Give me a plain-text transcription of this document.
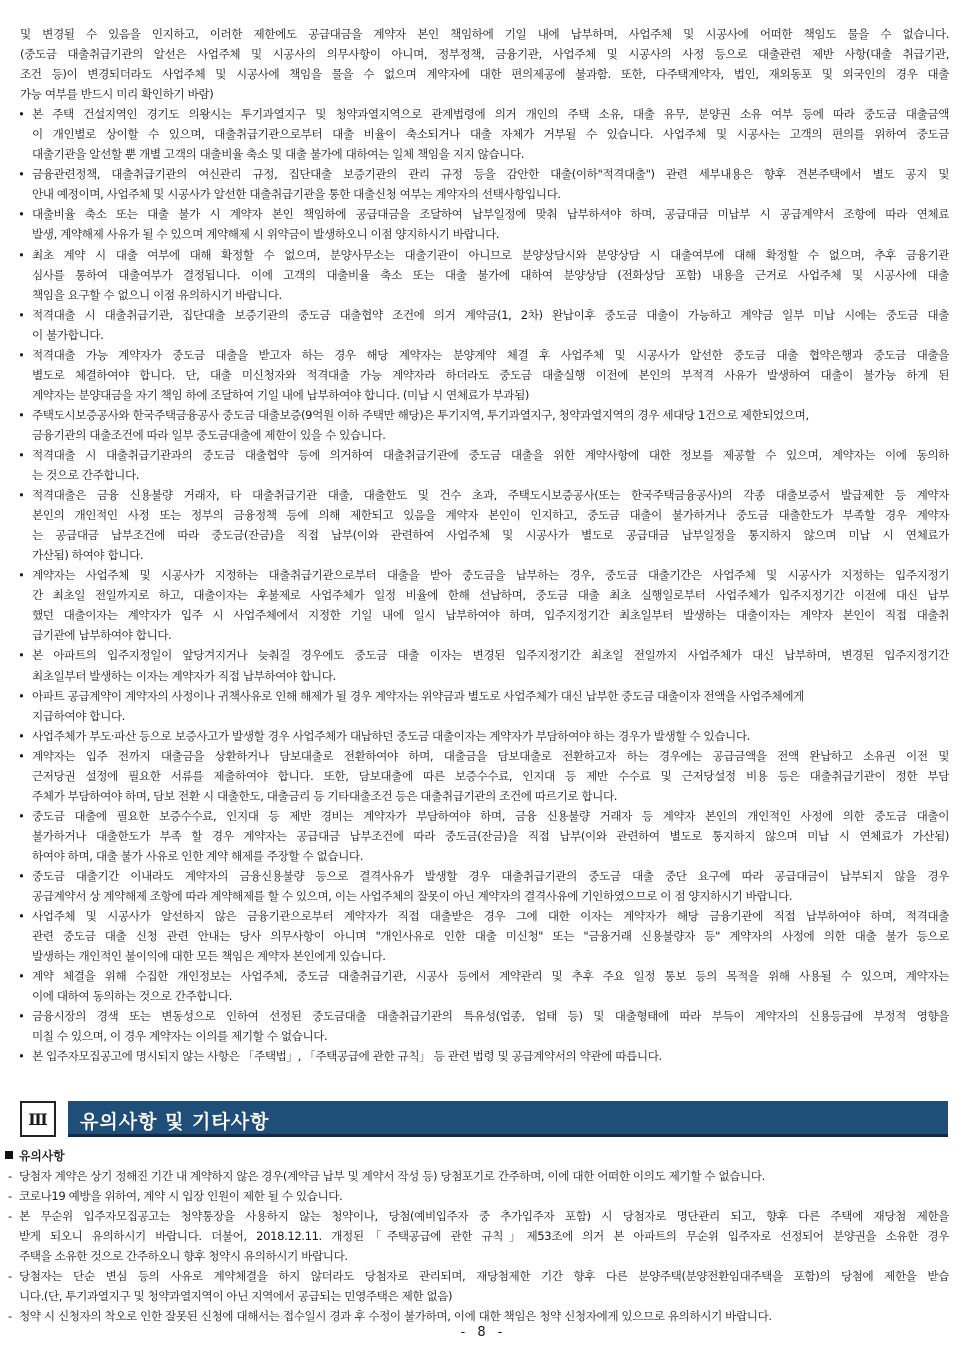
및 변경될 수 있음을 인지하고, 이러한 제한에도 공급대금을 계약자 본인 책임하에 기일 내에 납부하며, 사업주체 및 시공사에 어떠한 책임도 물을 수 없습니다.
(중도금 대출취급기관의 알선은 사업주체 및 시공사의 의무사항이 아니며, 정부정책, 금융기관, 사업주체 및 시공사의 사정 등으로 대출관련 제반 사항(대출 취급기관,
조건 등)이 변경되더라도 사업주체 및 시공사에 책임을 물을 수 없으며 계약자에 대한 편의제공에 불과함. 또한, 다주택계약자, 법인, 재외동포 및 외국인의 경우 대출
가능 여부를 반드시 미리 확인하기 바람)
• 본 주택 건설지역인 경기도 의왕시는 투기과열지구 및 청약과열지역으로 관계법령에 의거 개인의 주택 소유, 대출 유무, 분양권 소유 여부 등에 따라 중도금 대출금액
이 개인별로 상이할 수 있으며, 대출취급기관으로부터 대출 비율이 축소되거나 대출 자체가 거부될 수 있습니다. 사업주체 및 시공사는 고객의 편의를 위하여 중도금
대출기관을 알선할 뿐 개별 고객의 대출비율 축소 및 대출 불가에 대하여는 일체 책임을 지지 않습니다.
• 금융관련정책, 대출취급기관의 여신관리 규정, 집단대출 보증기관의 관리 규정 등을 감안한 대출(이하"적격대출") 관련 세부내용은 향후 견본주택에서 별도 공지 및
안내 예정이며, 사업주체 및 시공사가 알선한 대출취급기관을 통한 대출신청 여부는 계약자의 선택사항입니다.
• 대출비율 축소 또는 대출 불가 시 계약자 본인 책임하에 공급대금을 조달하여 납부일정에 맞춰 납부하셔야 하며, 공급대금 미납부 시 공급계약서 조항에 따라 연체료
발생, 계약해제 사유가 될 수 있으며 계약해제 시 위약금이 발생하오니 이점 양지하시기 바랍니다.
• 최초 계약 시 대출 여부에 대해 확정할 수 없으며, 분양사무소는 대출기관이 아니므로 분양상담시와 분양상담 시 대출여부에 대해 확정할 수 없으며, 추후 금융기관
심사를 통하여 대출여부가 결정됩니다. 이에 고객의 대출비율 축소 또는 대출 불가에 대하여 분양상담 (전화상담 포함) 내용을 근거로 사업주체 및 시공사에 대출
책임을 요구할 수 없으니 이점 유의하시기 바랍니다.
• 적격대출 시 대출취급기관, 집단대출 보증기관의 중도금 대출협약 조건에 의거 계약금(1, 2차) 완납이후 중도금 대출이 가능하고 계약금 일부 미납 시에는 중도금 대출
이 불가합니다.
• 적격대출 가능 계약자가 중도금 대출을 받고자 하는 경우 해당 계약자는 분양계약 체결 후 사업주체 및 시공사가 알선한 중도금 대출 협약은행과 중도금 대출을
별도로 체결하여야 합니다. 단, 대출 미신청자와 적격대출 가능 계약자라 하더라도 중도금 대출실행 이전에 본인의 부적격 사유가 발생하여 대출이 불가능 하게 된
계약자는 분양대금을 자기 책임 하에 조달하여 기일 내에 납부하여야 합니다. (미납 시 연체료가 부과됨)
• 주택도시보증공사와 한국주택금융공사 중도금 대출보증(9억원 이하 주택만 해당)은 투기지역, 투기과열지구, 청약과열지역의 경우 세대당 1건으로 제한되었으며,
금융기관의 대출조건에 따라 일부 중도금대출에 제한이 있을 수 있습니다.
• 적격대출 시 대출취급기관과의 중도금 대출협약 등에 의거하여 대출취급기관에 중도금 대출을 위한 계약사항에 대한 정보를 제공할 수 있으며, 계약자는 이에 동의하
는 것으로 간주합니다.
• 적격대출은 금융 신용불량 거래자, 타 대출취급기관 대출, 대출한도 및 건수 초과, 주택도시보증공사(또는 한국주택금융공사)의 각종 대출보증서 발급제한 등 계약자
본인의 개인적인 사정 또는 정부의 금융정책 등에 의해 제한되고 있음을 계약자 본인이 인지하고, 중도금 대출이 불가하거나 중도금 대출한도가 부족할 경우 계약자
는 공급대금 납부조건에 따라 중도금(잔금)을 직접 납부(이와 관련하여 사업주체 및 시공사가 별도로 공급대금 납부일정을 통지하지 않으며 미납 시 연체료가
가산됨) 하여야 합니다.
• 계약자는 사업주체 및 시공사가 지정하는 대출취급기관으로부터 대출을 받아 중도금을 납부하는 경우, 중도금 대출기간은 사업주체 및 시공사가 지정하는 입주지정기
간 최초일 전일까지로 하고, 대출이자는 후불제로 사업주체가 일정 비율에 한해 선납하며, 중도금 대출 최초 실행일로부터 사업주체가 입주지정기간 이전에 대신 납부
했던 대출이자는 계약자가 입주 시 사업주체에서 지정한 기일 내에 일시 납부하여야 하며, 입주지정기간 최초일부터 발생하는 대출이자는 계약자 본인이 직접 대출취
급기관에 납부하여야 합니다.
• 본 아파트의 입주지정일이 앞당겨지거나 늦춰질 경우에도 중도금 대출 이자는 변경된 입주지정기간 최초일 전일까지 사업주체가 대신 납부하며, 변경된 입주지정기간
최초일부터 발생하는 이자는 계약자가 직접 납부하여야 합니다.
• 아파트 공급계약이 계약자의 사정이나 귀책사유로 인해 해제가 될 경우 계약자는 위약금과 별도로 사업주체가 대신 납부한 중도금 대출이자 전액을 사업주체에게
지급하여야 합니다.
• 사업주체가 부도·파산 등으로 보증사고가 발생할 경우 사업주체가 대납하던 중도금 대출이자는 계약자가 부담하여야 하는 경우가 발생할 수 있습니다.
• 계약자는 입주 전까지 대출금을 상환하거나 담보대출로 전환하여야 하며, 대출금을 담보대출로 전환하고자 하는 경우에는 공급금액을 전액 완납하고 소유권 이전 및
근저당권 설정에 필요한 서류를 제출하여야 합니다. 또한, 담보대출에 따른 보증수수료, 인지대 등 제반 수수료 및 근저당설정 비용 등은 대출취급기관이 정한 부담
주체가 부담하여야 하며, 담보 전환 시 대출한도, 대출금리 등 기타대출조건 등은 대출취급기관의 조건에 따르기로 합니다.
• 중도금 대출에 필요한 보증수수료, 인지대 등 제반 경비는 계약자가 부담하여야 하며, 금융 신용불량 거래자 등 계약자 본인의 개인적인 사정에 의한 중도금 대출이
불가하거나 대출한도가 부족 할 경우 계약자는 공급대금 납부조건에 따라 중도금(잔금)을 직접 납부(이와 관련하여 별도로 통지하지 않으며 미납 시 연체료가 가산됨)
하여야 하며, 대출 불가 사유로 인한 계약 해제를 주장할 수 없습니다.
• 중도금 대출기간 이내라도 계약자의 금융신용불량 등으로 결격사유가 발생할 경우 대출취급기관의 중도금 대출 중단 요구에 따라 공급대금이 납부되지 않을 경우
공급계약서 상 계약해제 조항에 따라 계약해제를 할 수 있으며, 이는 사업주체의 잘못이 아닌 계약자의 결격사유에 기인하였으므로 이 점 양지하시기 바랍니다.
• 사업주체 및 시공사가 알선하지 않은 금융기관으로부터 계약자가 직접 대출받은 경우 그에 대한 이자는 계약자가 해당 금융기관에 직접 납부하여야 하며, 적격대출
관련 중도금 대출 신청 관련 안내는 당사 의무사항이 아니며 "개인사유로 인한 대출 미신청" 또는 "금융거래 신용불량자 등" 계약자의 사정에 의한 대출 불가 등으로
발생하는 개인적인 불이익에 대한 모든 책임은 계약자 본인에게 있습니다.
• 계약 체결을 위해 수집한 개인정보는 사업주체, 중도금 대출취급기관, 시공사 등에서 계약관리 및 추후 주요 일정 통보 등의 목적을 위해 사용될 수 있으며, 계약자는
이에 대하여 동의하는 것으로 간주합니다.
• 금융시장의 경색 또는 변동성으로 인하여 선정된 중도금대출 대출취급기관의 특유성(업종, 업태 등) 및 대출형태에 따라 부득이 계약자의 신용등급에 부정적 영향을
미칠 수 있으며, 이 경우 계약자는 이의를 제기할 수 없습니다.
• 본 입주자모집공고에 명시되지 않는 사항은 「주택법」, 「주택공급에 관한 규칙」 등 관련 법령 및 공급계약서의 약관에 따릅니다.
Ⅲ	유의사항 및 기타사항
유의사항
- 당첨자 계약은 상기 정해진 기간 내 계약하지 않은 경우(계약금 납부 및 계약서 작성 등) 당첨포기로 간주하며, 이에 대한 어떠한 이의도 제기할 수 없습니다.
- 코로나19 예방을 위하여, 계약 시 입장 인원이 제한 될 수 있습니다.
- 본 무순위 입주자모집공고는 청약통장을 사용하지 않는 청약이나, 당첨(예비입주자 중 추가입주자 포함) 시 당첨자로 명단관리 되고, 향후 다른 주택에 재당첨 제한을
받게 되오니 유의하시기 바랍니다. 더불어, 2018.12.11. 개정된「주택공급에 관한 규칙」제53조에 의거 본 아파트의 무순위 입주자로 선정되어 분양권을 소유한 경우
주택을 소유한 것으로 간주하오니 향후 청약시 유의하시기 바랍니다.
- 당첨자는 단순 변심 등의 사유로 계약체결을 하지 않더라도 당첨자로 관리되며, 재당첨제한 기간 향후 다른 분양주택(분양전환임대주택을 포함)의 당첨에 제한을 받습
니다.(단, 투기과열지구 및 청약과열지역이 아닌 지역에서 공급되는 민영주택은 제한 없음)
- 청약 시 신청자의 착오로 인한 잘못된 신청에 대해서는 접수일시 경과 후 수정이 불가하며, 이에 대한 책임은 청약 신청자에게 있으므로 유의하시기 바랍니다.
- 8 -
